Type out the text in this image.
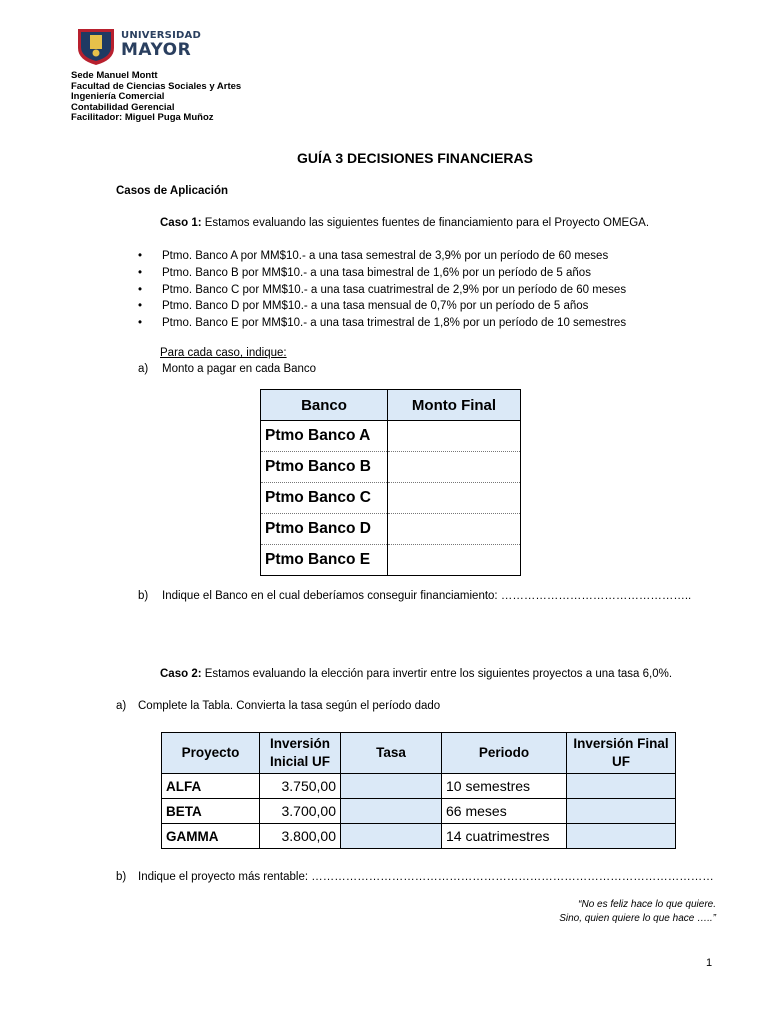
UNIVERSIDAD
MAYOR
Sede Manuel Montt
Facultad de Ciencias Sociales y Artes
Ingeniería Comercial
Contabilidad Gerencial
Facilitador: Miguel Puga Muñoz
GUÍA 3 DECISIONES FINANCIERAS
Casos de Aplicación
Caso 1: Estamos evaluando las siguientes fuentes de financiamiento para el Proyecto OMEGA.
• Ptmo. Banco A por MM$10.- a una tasa semestral de 3,9% por un período de 60 meses
• Ptmo. Banco B por MM$10.- a una tasa bimestral de 1,6% por un período de 5 años
• Ptmo. Banco C por MM$10.- a una tasa cuatrimestral de 2,9% por un período de 60 meses
• Ptmo. Banco D por MM$10.- a una tasa mensual de 0,7% por un período de 5 años
• Ptmo. Banco E por MM$10.- a una tasa trimestral de 1,8% por un período de 10 semestres
Para cada caso, indique:
a) Monto a pagar en cada Banco
Banco	Monto Final
Ptmo Banco A	
Ptmo Banco B	
Ptmo Banco C	
Ptmo Banco D	
Ptmo Banco E	
b) Indique el Banco en el cual deberíamos conseguir financiamiento: …………………………………………..
Caso 2: Estamos evaluando la elección para invertir entre los siguientes proyectos a una tasa 6,0%.
a) Complete la Tabla. Convierta la tasa según el período dado
Proyecto	Inversión Inicial UF	Tasa	Periodo	Inversión Final UF
ALFA	3.750,00		10 semestres	
BETA	3.700,00		66 meses	
GAMMA	3.800,00		14 cuatrimestres	
b) Indique el proyecto más rentable: ……………………………………………………………………………………………
“No es feliz hace lo que quiere.
Sino, quien quiere lo que hace …..”
1
